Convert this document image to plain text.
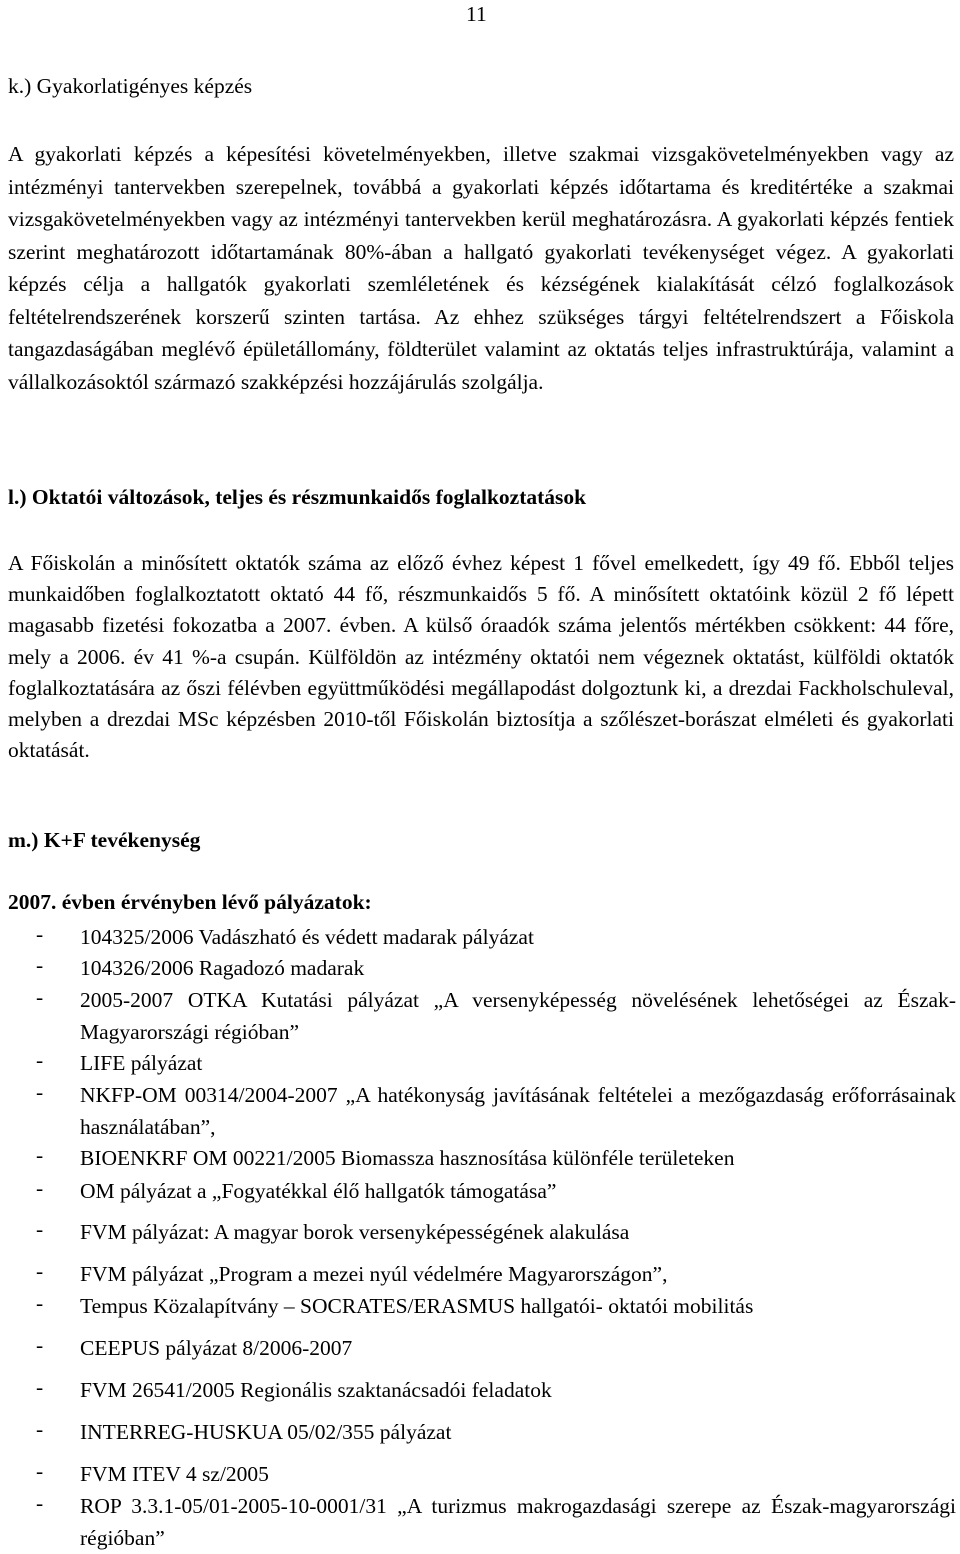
11
k.) Gyakorlatigényes képzés
A gyakorlati képzés a képesítési követelményekben, illetve szakmai vizsgakövetelményekben vagy az intézményi tantervekben szerepelnek, továbbá a gyakorlati képzés időtartama és kreditértéke a szakmai vizsgakövetelményekben vagy az intézményi tantervekben kerül meghatározásra. A gyakorlati képzés fentiek szerint meghatározott időtartamának 80%-ában a hallgató gyakorlati tevékenységet végez. A gyakorlati képzés célja a hallgatók gyakorlati szemléletének és kézségének kialakítását célzó foglalkozások feltételrendszerének korszerű szinten tartása. Az ehhez szükséges tárgyi feltételrendszert a Főiskola tangazdaságában meglévő épületállomány, földterület valamint az oktatás teljes infrastruktúrája, valamint a vállalkozásoktól származó szakképzési hozzájárulás szolgálja.
l.) Oktatói változások, teljes és részmunkaidős foglalkoztatások
A Főiskolán a minősített oktatók száma az előző évhez képest 1 fővel emelkedett, így 49 fő. Ebből teljes munkaidőben foglalkoztatott oktató 44 fő, részmunkaidős 5 fő. A minősített oktatóink közül 2 fő lépett magasabb fizetési fokozatba a 2007. évben. A külső óraadók száma jelentős mértékben csökkent: 44 főre, mely a 2006. év 41 %-a csupán. Külföldön az intézmény oktatói nem végeznek oktatást, külföldi oktatók foglalkoztatására az őszi félévben együttműködési megállapodást dolgoztunk ki, a drezdai Fackholschuleval, melyben a drezdai MSc képzésben 2010-től Főiskolán biztosítja a szőlészet-borászat elméleti és gyakorlati oktatását.
m.) K+F tevékenység
2007. évben érvényben lévő pályázatok:
-	104325/2006 Vadászható és védett madarak pályázat
-	104326/2006 Ragadozó madarak
-	2005-2007 OTKA Kutatási pályázat „A versenyképesség növelésének lehetőségei az Észak-Magyarországi régióban”
-	LIFE pályázat
-	NKFP-OM 00314/2004-2007 „A hatékonyság javításának feltételei a mezőgazdaság erőforrásainak használatában”,
-	BIOENKRF OM 00221/2005 Biomassza hasznosítása különféle területeken
-	OM pályázat a „Fogyatékkal élő hallgatók támogatása”
-	FVM pályázat: A magyar borok versenyképességének alakulása
-	FVM pályázat „Program a mezei nyúl védelmére Magyarországon”,
-	Tempus Közalapítvány – SOCRATES/ERASMUS hallgatói- oktatói mobilitás
-	CEEPUS pályázat 8/2006-2007
-	FVM 26541/2005 Regionális szaktanácsadói feladatok
-	INTERREG-HUSKUA 05/02/355 pályázat
-	FVM ITEV 4 sz/2005
-	ROP 3.3.1-05/01-2005-10-0001/31 „A turizmus makrogazdasági szerepe az Észak-magyarországi régióban”
